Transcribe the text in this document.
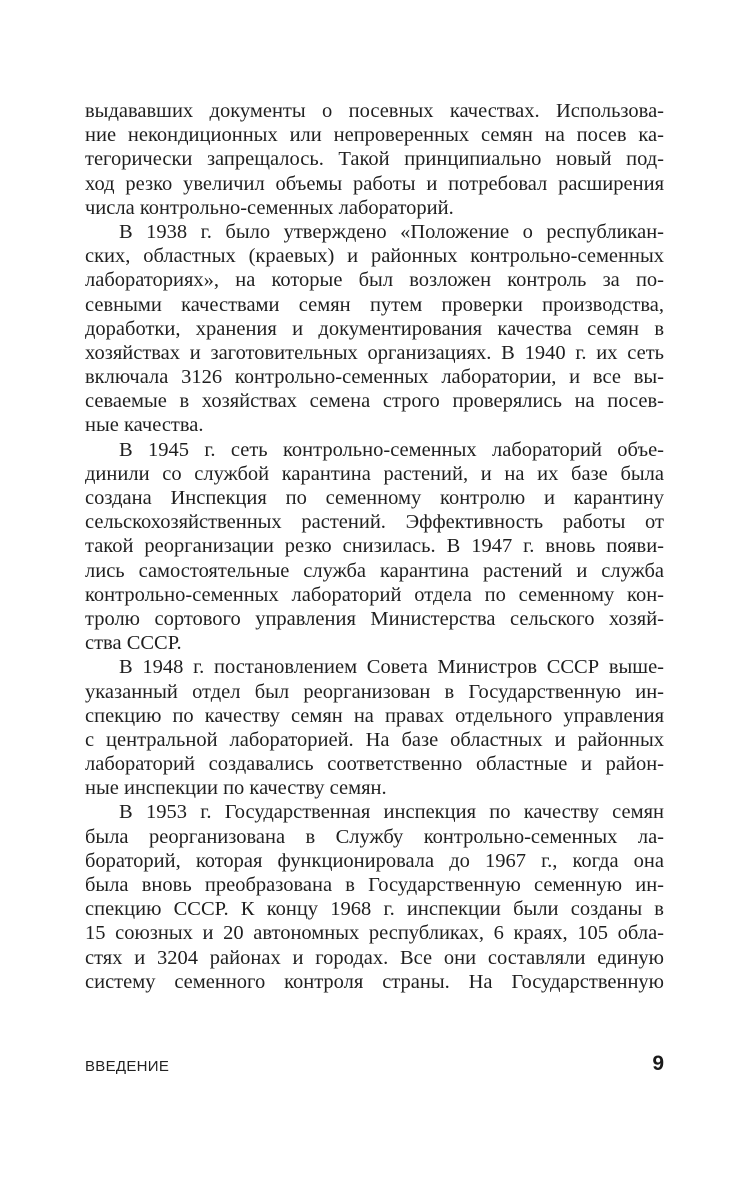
выдававших документы о посевных качествах. Использова-
ние некондиционных или непроверенных семян на посев ка-
тегорически запрещалось. Такой принципиально новый под-
ход резко увеличил объемы работы и потребовал расширения
числа контрольно-семенных лабораторий.
В 1938 г. было утверждено «Положение о республикан-
ских, областных (краевых) и районных контрольно-семенных
лабораториях», на которые был возложен контроль за по-
севными качествами семян путем проверки производства,
доработки, хранения и документирования качества семян в
хозяйствах и заготовительных организациях. В 1940 г. их сеть
включала 3126 контрольно-семенных лаборатории, и все вы-
севаемые в хозяйствах семена строго проверялись на посев-
ные качества.
В 1945 г. сеть контрольно-семенных лабораторий объе-
динили со службой карантина растений, и на их базе была
создана Инспекция по семенному контролю и карантину
сельскохозяйственных растений. Эффективность работы от
такой реорганизации резко снизилась. В 1947 г. вновь появи-
лись самостоятельные служба карантина растений и служба
контрольно-семенных лабораторий отдела по семенному кон-
тролю сортового управления Министерства сельского хозяй-
ства СССР.
В 1948 г. постановлением Совета Министров СССР выше-
указанный отдел был реорганизован в Государственную ин-
спекцию по качеству семян на правах отдельного управления
с центральной лабораторией. На базе областных и районных
лабораторий создавались соответственно областные и район-
ные инспекции по качеству семян.
В 1953 г. Государственная инспекция по качеству семян
была реорганизована в Службу контрольно-семенных ла-
бораторий, которая функционировала до 1967 г., когда она
была вновь преобразована в Государственную семенную ин-
спекцию СССР. К концу 1968 г. инспекции были созданы в
15 союзных и 20 автономных республиках, 6 краях, 105 обла-
стях и 3204 районах и городах. Все они составляли единую
систему семенного контроля страны. На Государственную
ВВЕДЕНИЕ	9
